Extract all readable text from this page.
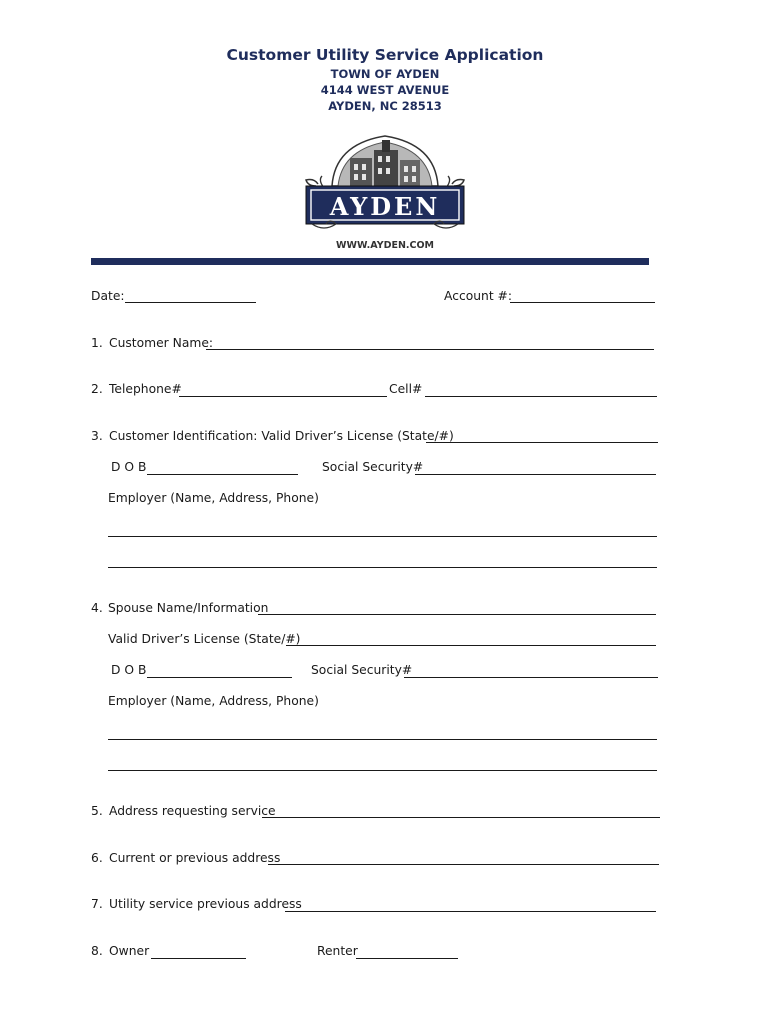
Customer Utility Service Application
TOWN OF AYDEN
4144 WEST AVENUE
AYDEN, NC 28513
AYDEN
WWW.AYDEN.COM
Date:	Account #:
1. Customer Name:
2. Telephone#	Cell#
3. Customer Identification: Valid Driver’s License (State/#)
D O B	Social Security#
Employer (Name, Address, Phone)
4. Spouse Name/Information
Valid Driver’s License (State/#)
D O B	Social Security#
Employer (Name, Address, Phone)
5. Address requesting service
6. Current or previous address
7. Utility service previous address
8. Owner	Renter
